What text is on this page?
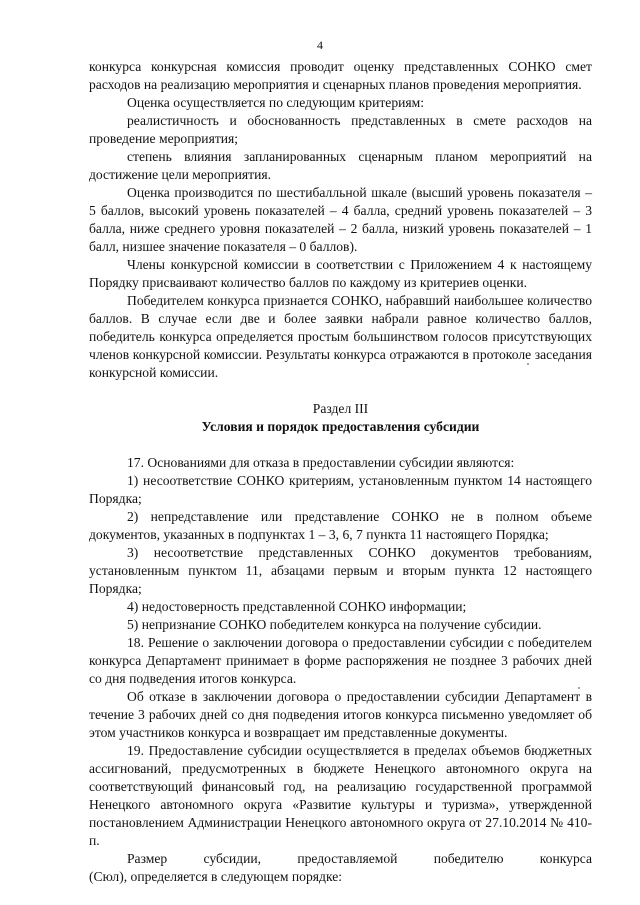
4

конкурса конкурсная комиссия проводит оценку представленных СОНКО смет расходов на реализацию мероприятия и сценарных планов проведения мероприятия.

Оценка осуществляется по следующим критериям:

реалистичность и обоснованность представленных в смете расходов на проведение мероприятия;

степень влияния запланированных сценарным планом мероприятий на достижение цели мероприятия.

Оценка производится по шестибалльной шкале (высший уровень показателя – 5 баллов, высокий уровень показателей – 4 балла, средний уровень показателей – 3 балла, ниже среднего уровня показателей – 2 балла, низкий уровень показателей – 1 балл, низшее значение показателя – 0 баллов).

Члены конкурсной комиссии в соответствии с Приложением 4 к настоящему Порядку присваивают количество баллов по каждому из критериев оценки.

Победителем конкурса признается СОНКО, набравший наибольшее количество баллов. В случае если две и более заявки набрали равное количество баллов, победитель конкурса определяется простым большинством голосов присутствующих членов конкурсной комиссии. Результаты конкурса отражаются в протоколе заседания конкурсной комиссии.

Раздел III

Условия и порядок предоставления субсидии

17. Основаниями для отказа в предоставлении субсидии являются:

1) несоответствие СОНКО критериям, установленным пунктом 14 настоящего Порядка;

2) непредставление или представление СОНКО не в полном объеме документов, указанных в подпунктах 1 – 3, 6, 7 пункта 11 настоящего Порядка;

3) несоответствие представленных СОНКО документов требованиям, установленным пунктом 11, абзацами первым и вторым пункта 12 настоящего Порядка;

4) недостоверность представленной СОНКО информации;

5) непризнание СОНКО победителем конкурса на получение субсидии.

18. Решение о заключении договора о предоставлении субсидии с победителем конкурса Департамент принимает в форме распоряжения не позднее 3 рабочих дней со дня подведения итогов конкурса.

Об отказе в заключении договора о предоставлении субсидии Департамент в течение 3 рабочих дней со дня подведения итогов конкурса письменно уведомляет об этом участников конкурса и возвращает им представленные документы.

19. Предоставление субсидии осуществляется в пределах объемов бюджетных ассигнований, предусмотренных в бюджете Ненецкого автономного округа на соответствующий финансовый год, на реализацию государственной программой Ненецкого автономного округа «Развитие культуры и туризма», утвержденной постановлением Администрации Ненецкого автономного округа от 27.10.2014 № 410-п.

Размер	субсидии,	предоставляемой	победителю	конкурса

(Сюл), определяется в следующем порядке:
